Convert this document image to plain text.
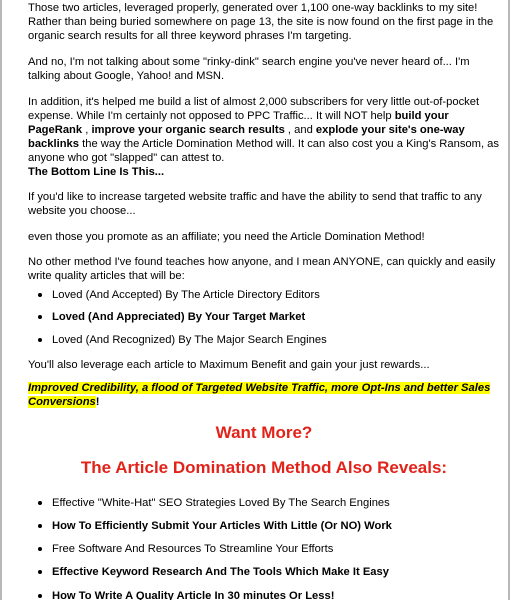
Those two articles, leveraged properly, generated over 1,100 one-way backlinks to my site! Rather than being buried somewhere on page 13, the site is now found on the first page in the organic search results for all three keyword phrases I'm targeting.

And no, I'm not talking about some "rinky-dink" search engine you've never heard of... I'm talking about Google, Yahoo! and MSN.

In addition, it's helped me build a list of almost 2,000 subscribers for very little out-of-pocket expense. While I'm certainly not opposed to PPC Traffic... It will NOT help build your PageRank , improve your organic search results , and explode your site's one-way backlinks the way the Article Domination Method will. It can also cost you a King's Ransom, as anyone who got "slapped" can attest to.

The Bottom Line Is This...

If you'd like to increase targeted website traffic and have the ability to send that traffic to any website you choose...

even those you promote as an affiliate; you need the Article Domination Method!

No other method I've found teaches how anyone, and I mean ANYONE, can quickly and easily write quality articles that will be:

Loved (And Accepted) By The Article Directory Editors
Loved (And Appreciated) By Your Target Market
Loved (And Recognized) By The Major Search Engines

You'll also leverage each article to Maximum Benefit and gain your just rewards...

Improved Credibility, a flood of Targeted Website Traffic, more Opt-Ins and better Sales Conversions!

Want More?
The Article Domination Method Also Reveals:
Effective "White-Hat" SEO Strategies Loved By The Search Engines
How To Efficiently Submit Your Articles With Little (Or NO) Work
Free Software And Resources To Streamline Your Efforts
Effective Keyword Research And The Tools Which Make It Easy
How To Write A Quality Article In 30 minutes Or Less!
